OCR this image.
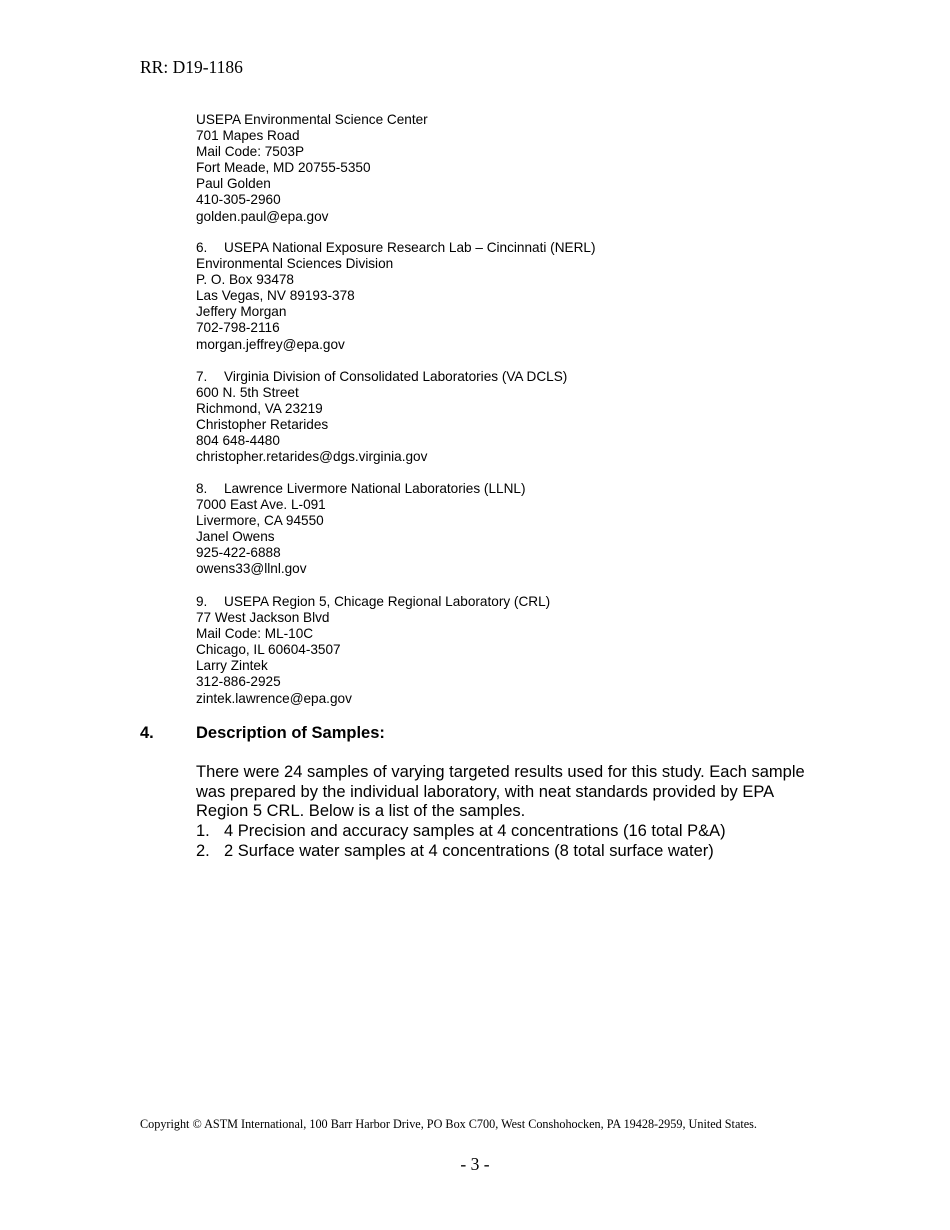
RR: D19-1186
USEPA Environmental Science Center
701 Mapes Road
Mail Code: 7503P
Fort Meade, MD 20755-5350
Paul Golden
410-305-2960
golden.paul@epa.gov
6. USEPA National Exposure Research Lab – Cincinnati (NERL)
Environmental Sciences Division
P. O. Box 93478
Las Vegas, NV 89193-378
Jeffery Morgan
702-798-2116
morgan.jeffrey@epa.gov
7. Virginia Division of Consolidated Laboratories (VA DCLS)
600 N. 5th Street
Richmond, VA 23219
Christopher Retarides
804 648-4480
christopher.retarides@dgs.virginia.gov
8. Lawrence Livermore National Laboratories (LLNL)
7000 East Ave. L-091
Livermore, CA 94550
Janel Owens
925-422-6888
owens33@llnl.gov
9. USEPA Region 5, Chicage Regional Laboratory (CRL)
77 West Jackson Blvd
Mail Code: ML-10C
Chicago, IL 60604-3507
Larry Zintek
312-886-2925
zintek.lawrence@epa.gov
4.	Description of Samples:
There were 24 samples of varying targeted results used for this study. Each sample was prepared by the individual laboratory, with neat standards provided by EPA Region 5 CRL. Below is a list of the samples.
1. 4 Precision and accuracy samples at 4 concentrations (16 total P&A)
2. 2 Surface water samples at 4 concentrations (8 total surface water)
Copyright © ASTM International, 100 Barr Harbor Drive, PO Box C700, West Conshohocken, PA 19428-2959, United States.
- 3 -
